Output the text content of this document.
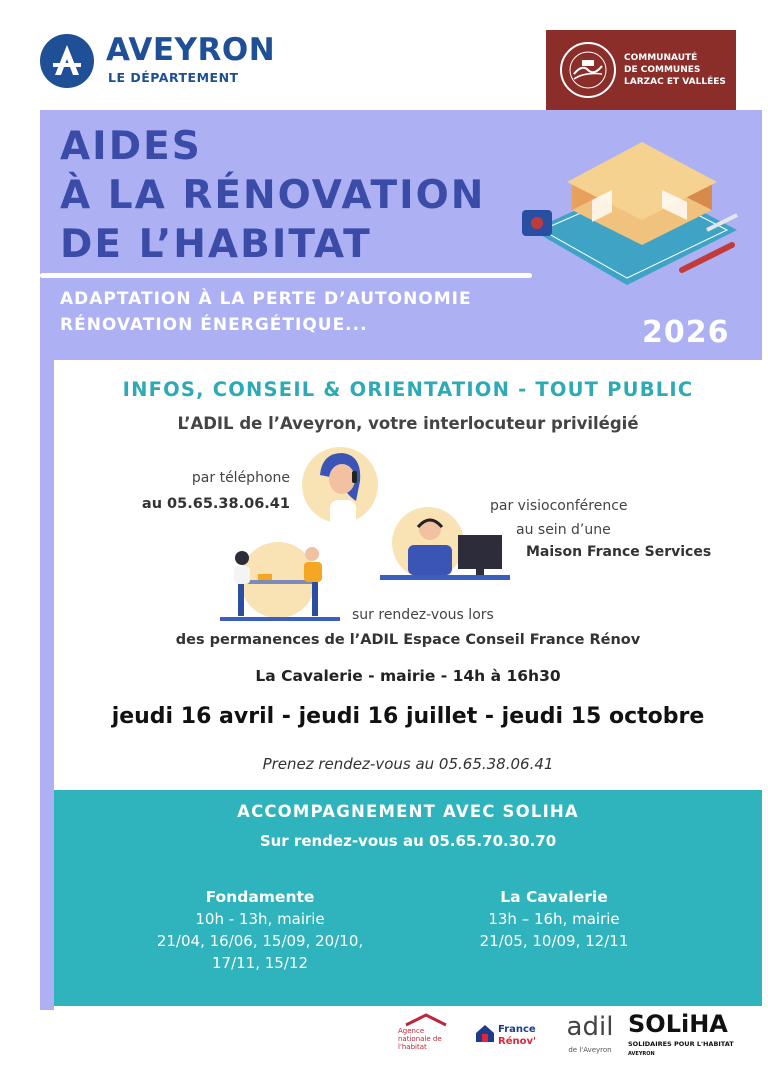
AVEYRON
LE DÉPARTEMENT
COMMUNAUTÉ
DE COMMUNES
LARZAC ET VALLÉES
AIDES
À LA RÉNOVATION
DE L’HABITAT
ADAPTATION À LA PERTE D’AUTONOMIE
RÉNOVATION ÉNERGÉTIQUE...	2026
INFOS, CONSEIL & ORIENTATION - TOUT PUBLIC
L’ADIL de l’Aveyron, votre interlocuteur privilégié
par téléphone
au 05.65.38.06.41	par visioconférence
au sein d’une
Maison France Services
sur rendez-vous lors
des permanences de l’ADIL Espace Conseil France Rénov
La Cavalerie - mairie - 14h à 16h30
jeudi 16 avril - jeudi 16 juillet - jeudi 15 octobre
Prenez rendez-vous au 05.65.38.06.41
ACCOMPAGNEMENT AVEC SOLIHA
Sur rendez-vous au 05.65.70.30.70
Fondamente
10h - 13h, mairie
21/04, 16/06, 15/09, 20/10,
17/11, 15/12
La Cavalerie
13h – 16h, mairie
21/05, 10/09, 12/11
Agence nationale de l'habitat
France
Rénov' adil
de l'Aveyron
SOLiHA
SOLIDAIRES POUR L'HABITAT
AVEYRON
